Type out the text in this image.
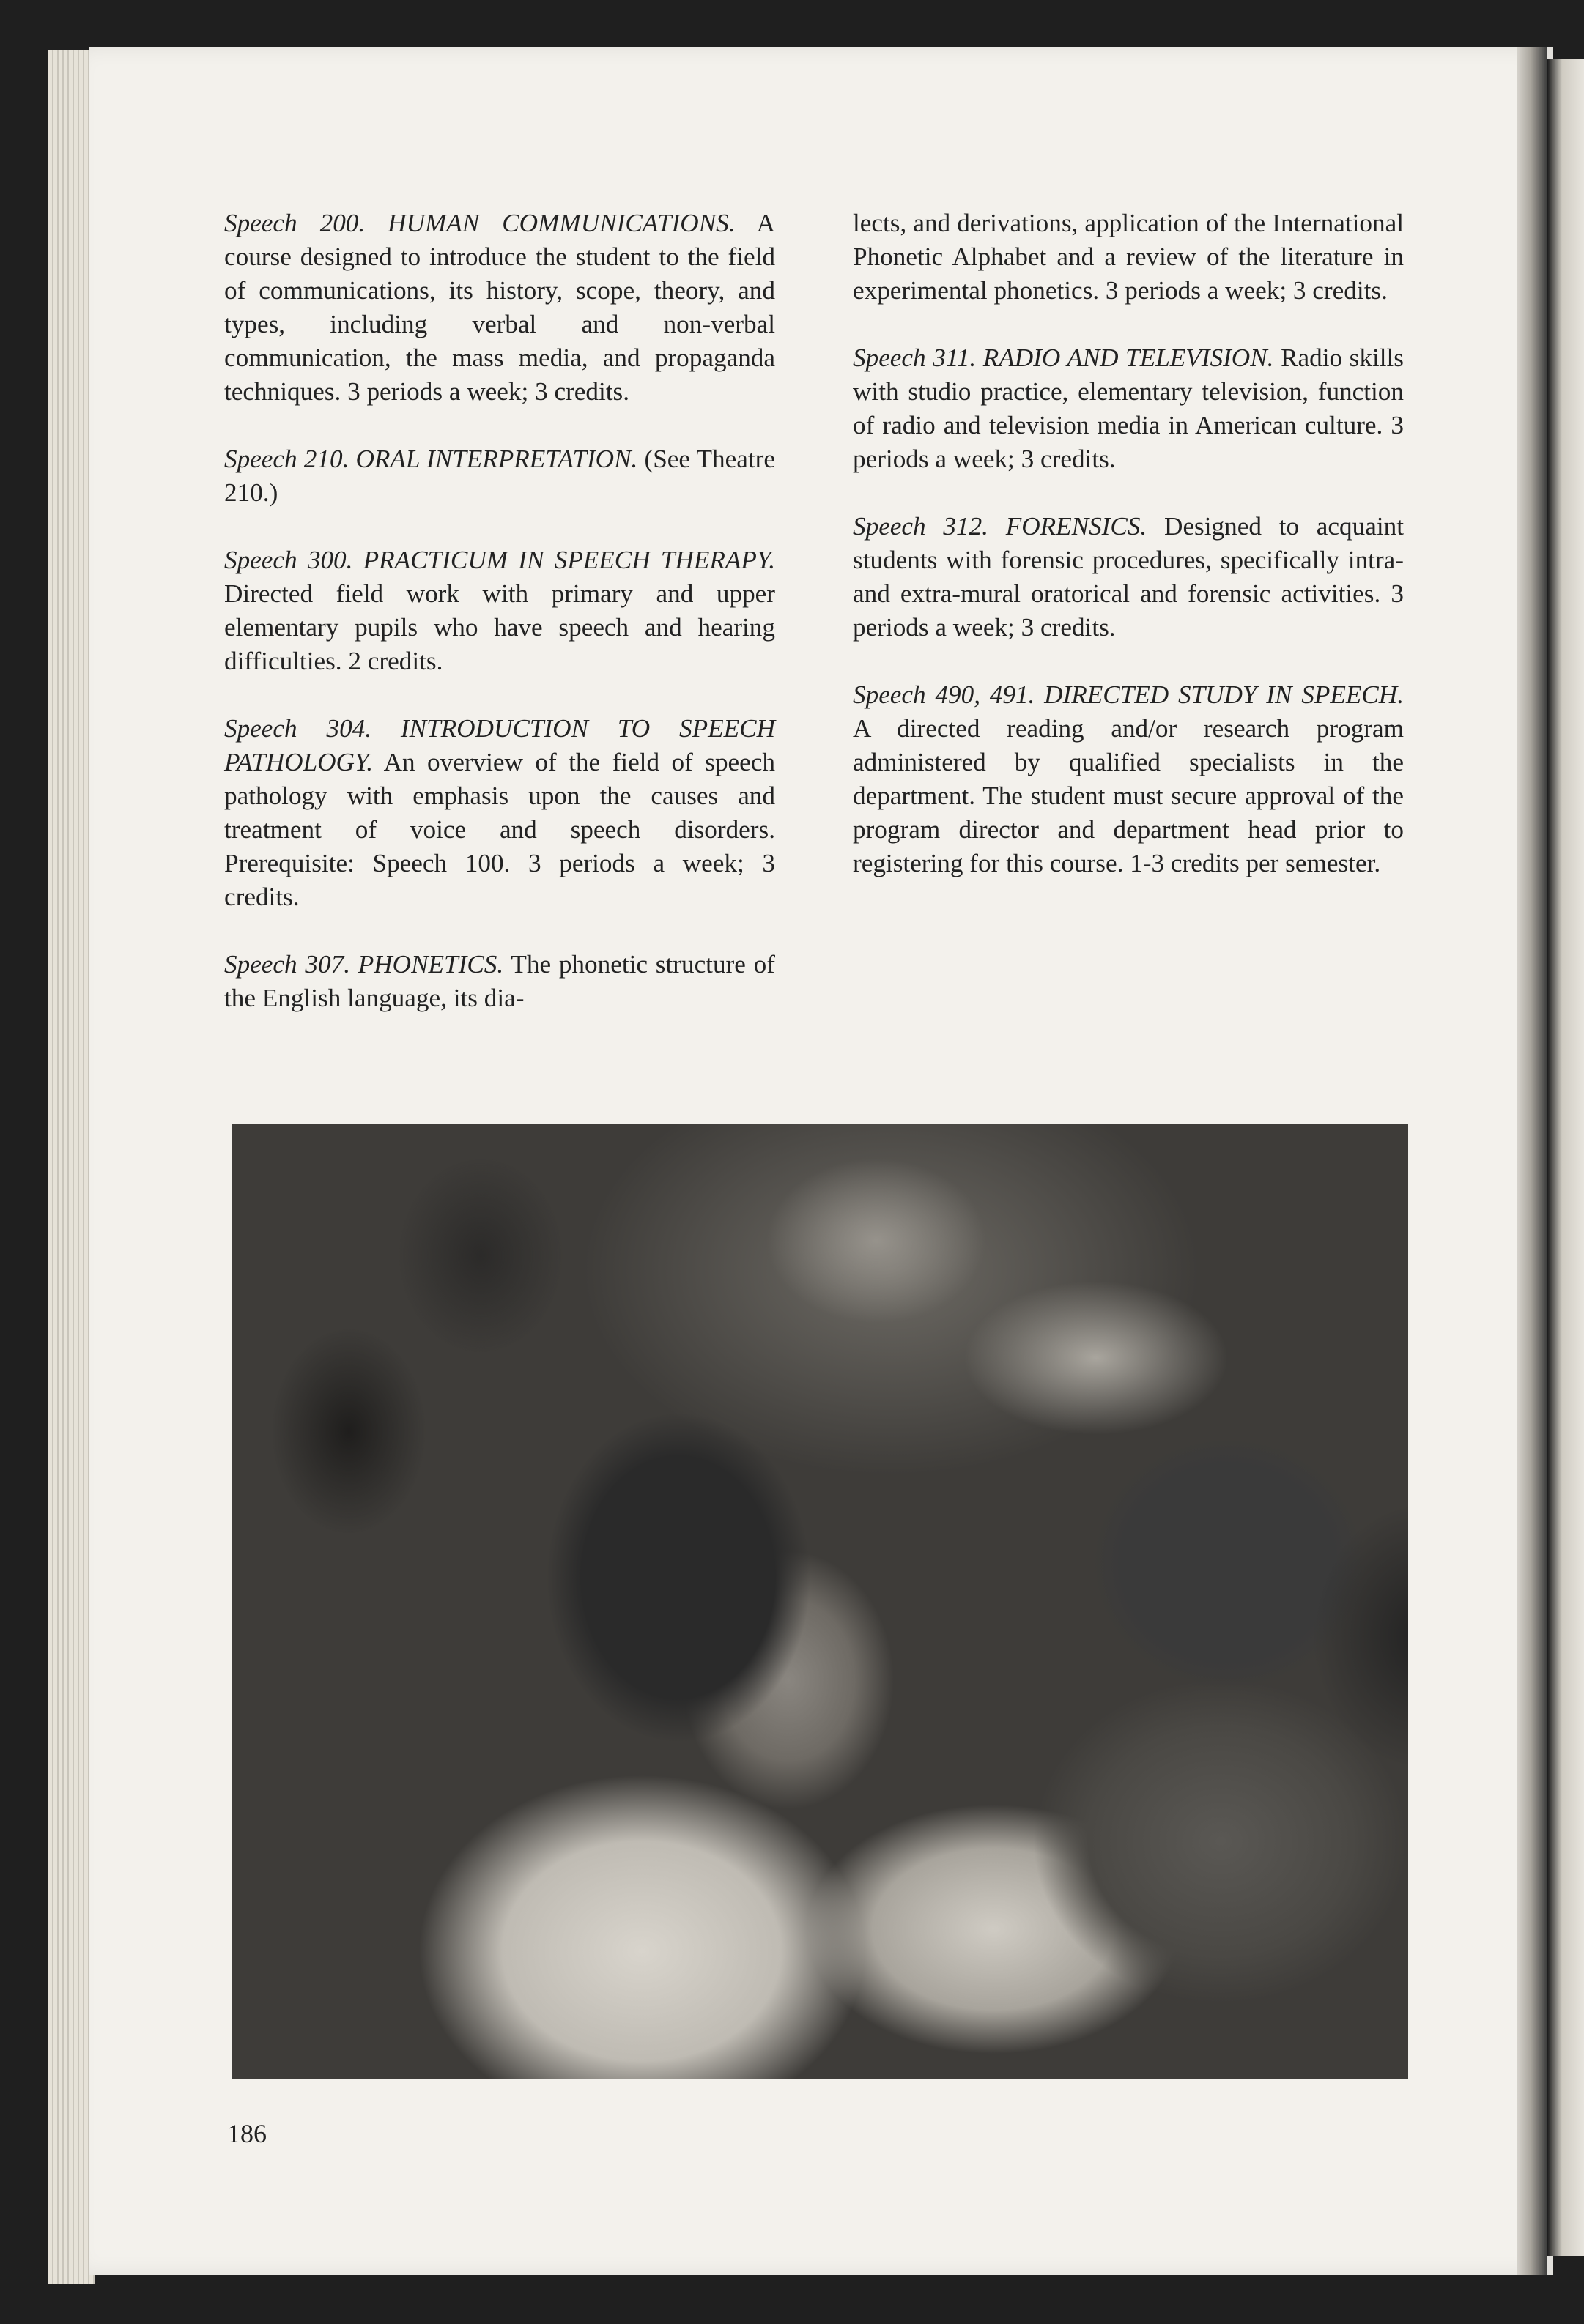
Speech 200. HUMAN COMMUNICATIONS. A course designed to introduce the student to the field of communications, its history, scope, theory, and types, including verbal and non-verbal communication, the mass media, and propaganda techniques. 3 periods a week; 3 credits.

Speech 210. ORAL INTERPRETATION. (See Theatre 210.)

Speech 300. PRACTICUM IN SPEECH THERAPY. Directed field work with primary and upper elementary pupils who have speech and hearing difficulties. 2 credits.

Speech 304. INTRODUCTION TO SPEECH PATHOLOGY. An overview of the field of speech pathology with emphasis upon the causes and treatment of voice and speech disorders. Prerequisite: Speech 100. 3 periods a week; 3 credits.

Speech 307. PHONETICS. The phonetic structure of the English language, its dia-

lects, and derivations, application of the International Phonetic Alphabet and a review of the literature in experimental phonetics. 3 periods a week; 3 credits.

Speech 311. RADIO AND TELEVISION. Radio skills with studio practice, elementary television, function of radio and television media in American culture. 3 periods a week; 3 credits.

Speech 312. FORENSICS. Designed to acquaint students with forensic procedures, specifically intra- and extra-mural oratorical and forensic activities. 3 periods a week; 3 credits.

Speech 490, 491. DIRECTED STUDY IN SPEECH. A directed reading and/or research program administered by qualified specialists in the department. The student must secure approval of the program director and department head prior to registering for this course. 1-3 credits per semester.

186
